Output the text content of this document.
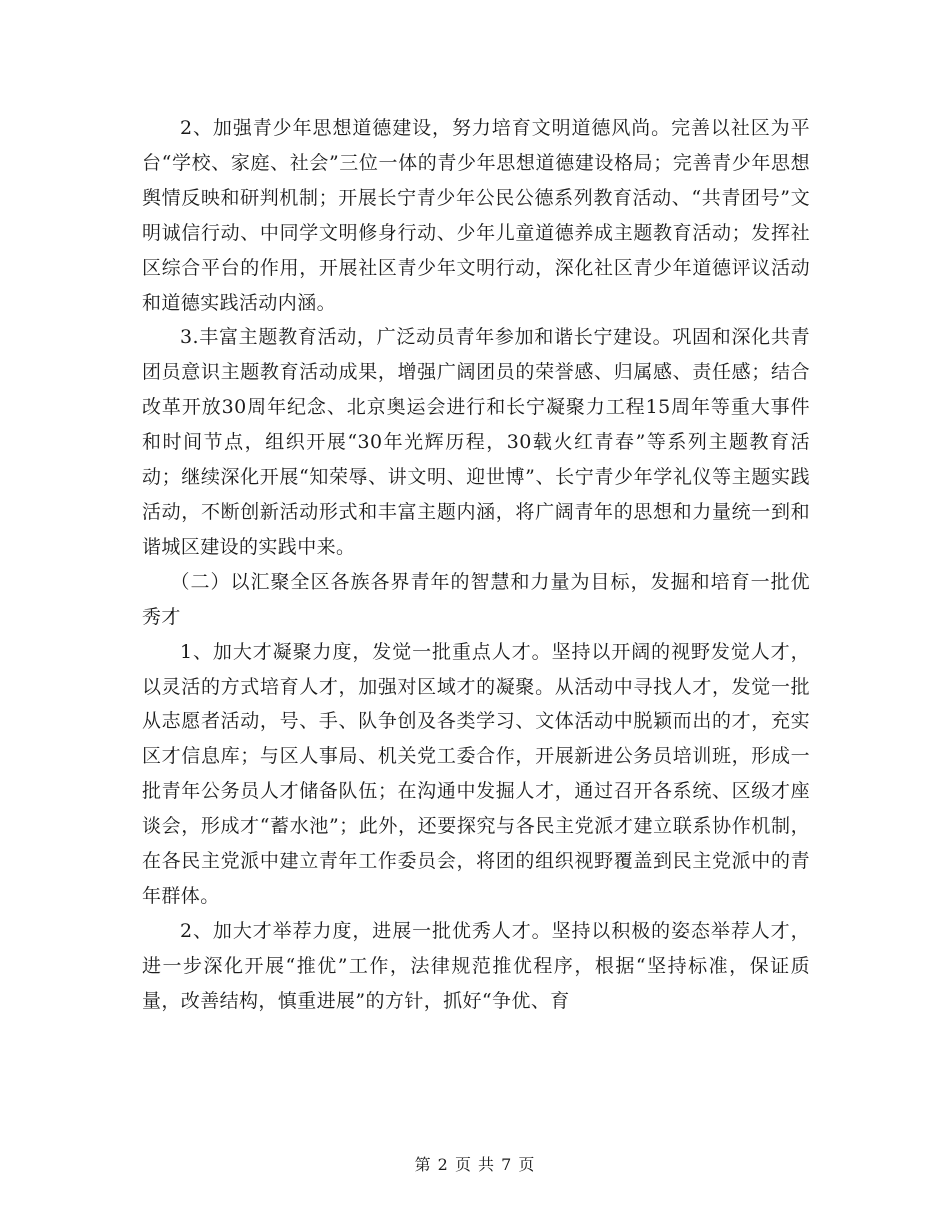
2、加强青少年思想道德建设，努力培育文明道德风尚。完善以社区为平台“学校、家庭、社会”三位一体的青少年思想道德建设格局；完善青少年思想舆情反映和研判机制；开展长宁青少年公民公德系列教育活动、“共青团号”文明诚信行动、中同学文明修身行动、少年儿童道德养成主题教育活动；发挥社区综合平台的作用，开展社区青少年文明行动，深化社区青少年道德评议活动和道德实践活动内涵。

3.丰富主题教育活动，广泛动员青年参加和谐长宁建设。巩固和深化共青团员意识主题教育活动成果，增强广阔团员的荣誉感、归属感、责任感；结合改革开放30周年纪念、北京奥运会进行和长宁凝聚力工程15周年等重大事件和时间节点，组织开展“30年光辉历程，30载火红青春”等系列主题教育活动；继续深化开展“知荣辱、讲文明、迎世博”、长宁青少年学礼仪等主题实践活动，不断创新活动形式和丰富主题内涵，将广阔青年的思想和力量统一到和谐城区建设的实践中来。

（二）以汇聚全区各族各界青年的智慧和力量为目标，发掘和培育一批优秀才

1、加大才凝聚力度，发觉一批重点人才。坚持以开阔的视野发觉人才，以灵活的方式培育人才，加强对区域才的凝聚。从活动中寻找人才，发觉一批从志愿者活动，号、手、队争创及各类学习、文体活动中脱颖而出的才，充实区才信息库；与区人事局、机关党工委合作，开展新进公务员培训班，形成一批青年公务员人才储备队伍；在沟通中发掘人才，通过召开各系统、区级才座谈会，形成才“蓄水池”；此外，还要探究与各民主党派才建立联系协作机制，在各民主党派中建立青年工作委员会，将团的组织视野覆盖到民主党派中的青年群体。

2、加大才举荐力度，进展一批优秀人才。坚持以积极的姿态举荐人才，进一步深化开展“推优”工作，法律规范推优程序，根据“坚持标准，保证质量，改善结构，慎重进展”的方针，抓好“争优、育

第 2 页 共 7 页
